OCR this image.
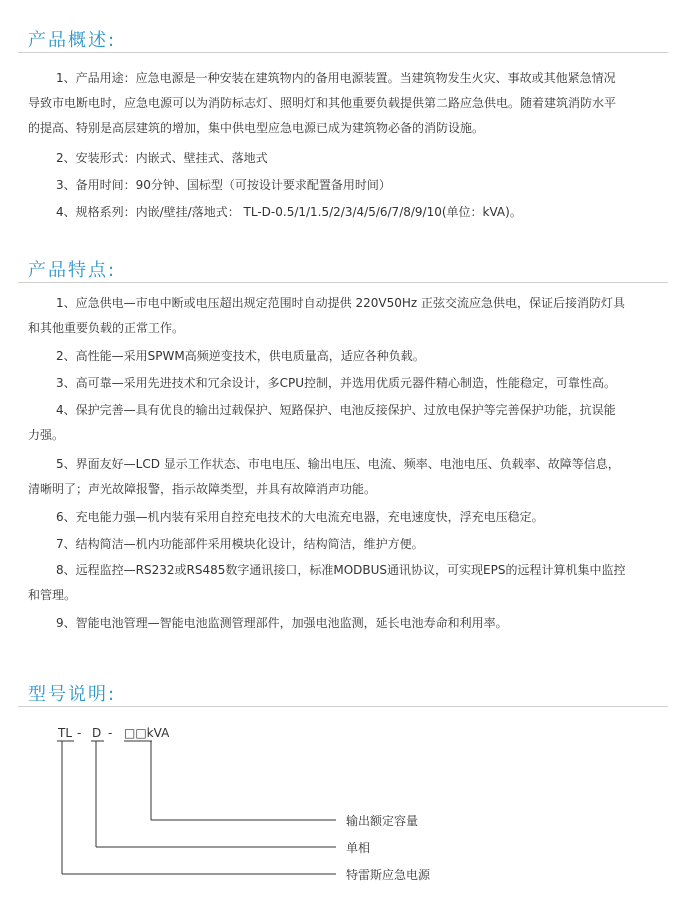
产品概述:
1、产品用途：应急电源是一种安装在建筑物内的备用电源装置。当建筑物发生火灾、事故或其他紧急情况
导致市电断电时，应急电源可以为消防标志灯、照明灯和其他重要负载提供第二路应急供电。随着建筑消防水平
的提高、特别是高层建筑的增加，集中供电型应急电源已成为建筑物必备的消防设施。
2、安装形式：内嵌式、壁挂式、落地式
3、备用时间：90分钟、国标型（可按设计要求配置备用时间）
4、规格系列：内嵌/壁挂/落地式： TL-D-0.5/1/1.5/2/3/4/5/6/7/8/9/10(单位：kVA)。
产品特点:
1、应急供电—市电中断或电压超出规定范围时自动提供 220V50Hz 正弦交流应急供电，保证后接消防灯具
和其他重要负载的正常工作。
2、高性能—采用SPWM高频逆变技术，供电质量高，适应各种负载。
3、高可靠—采用先进技术和冗余设计，多CPU控制，并选用优质元器件精心制造，性能稳定，可靠性高。
4、保护完善—具有优良的输出过载保护、短路保护、电池反接保护、过放电保护等完善保护功能，抗误能
力强。
5、界面友好—LCD 显示工作状态、市电电压、输出电压、电流、频率、电池电压、负载率、故障等信息，
清晰明了；声光故障报警，指示故障类型，并具有故障消声功能。
6、充电能力强—机内装有采用自控充电技术的大电流充电器，充电速度快，浮充电压稳定。
7、结构简洁—机内功能部件采用模块化设计，结构简洁，维护方便。
8、远程监控—RS232或RS485数字通讯接口，标准MODBUS通讯协议，可实现EPS的远程计算机集中监控
和管理。
9、智能电池管理—智能电池监测管理部件，加强电池监测，延长电池寿命和利用率。
型号说明:
TL - D - □□kVA
输出额定容量
单相
特雷斯应急电源
